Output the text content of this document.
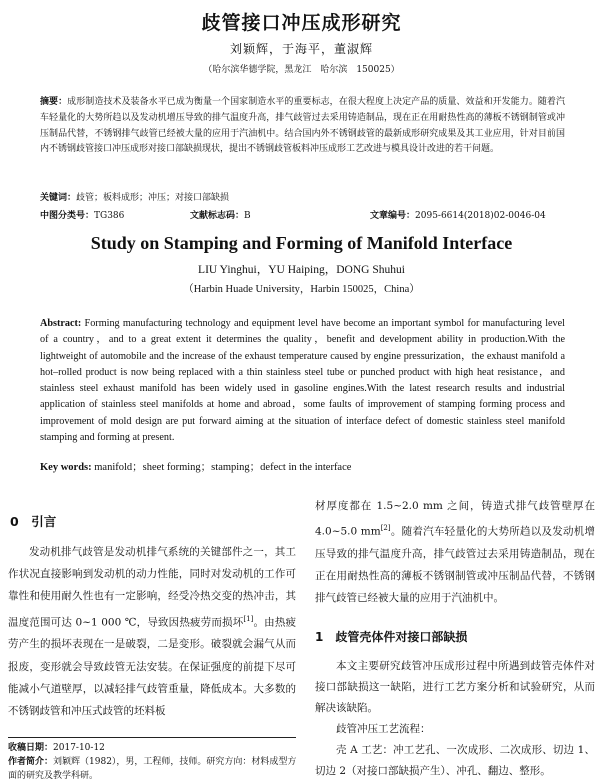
歧管接口冲压成形研究
刘颖辉，于海平，董淑辉
（哈尔滨华德学院，黑龙江　哈尔滨　150025）
摘要：成形制造技术及装备水平已成为衡量一个国家制造水平的重要标志，在很大程度上决定产品的质量、效益和开发能力。随着汽车轻量化的大势所趋以及发动机增压导致的排气温度升高，排气歧管过去采用铸造制品，现在正在用耐热性高的薄板不锈钢制管或冲压制品代替，不锈钢排气歧管已经被大量的应用于汽油机中。结合国内外不锈钢歧管的最新成形研究成果及其工业应用，针对目前国内不锈钢歧管接口冲压成形对接口部缺损现状，提出不锈钢歧管板料冲压成形工艺改进与模具设计改进的若干问题。
关键词：歧管；板料成形；冲压；对接口部缺损
中图分类号：TG386	文献标志码：B	文章编号：2095-6614(2018)02-0046-04
Study on Stamping and Forming of Manifold Interface
LIU Yinghui，YU Haiping，DONG Shuhui
（Harbin Huade University，Harbin 150025，China）
Abstract: Forming manufacturing technology and equipment level have become an important symbol for manufacturing level of a country，and to a great extent it determines the quality，benefit and development ability in production.With the lightweight of automobile and the increase of the exhaust temperature caused by engine pressurization，the exhaust manifold a hot–rolled product is now being replaced with a thin stainless steel tube or punched product with high heat resistance，and stainless steel exhaust manifold has been widely used in gasoline engines.With the latest research results and industrial application of stainless steel manifolds at home and abroad，some faults of improvement of stamping forming process and improvement of mold design are put forward aiming at the situation of interface defect of domestic stainless steel manifold stamping and forming at present.
Key words: manifold；sheet forming；stamping；defect in the interface
0　引言

发动机排气歧管是发动机排气系统的关键部件之一，其工作状况直接影响到发动机的动力性能，同时对发动机的工作可靠性和使用耐久性也有一定影响，经受冷热交变的热冲击，其温度范围可达 0~1 000 ℃，导致因热疲劳而损坏[1]。由热疲劳产生的损坏表现在一是破裂，二是变形。破裂就会漏气从而报废，变形就会导致歧管无法安装。在保证强度的前提下尽可能减小气道壁厚，以减轻排气歧管重量，降低成本。大多数的不锈钢歧管和冲压式歧管的坯料板

材厚度都在 1.5~2.0 mm 之间，铸造式排气歧管壁厚在 4.0~5.0 mm[2]。随着汽车轻量化的大势所趋以及发动机增压导致的排气温度升高，排气歧管过去采用铸造制品，现在正在用耐热性高的薄板不锈钢制管或冲压制品代替，不锈钢排气歧管已经被大量的应用于汽油机中。

1　歧管壳体件对接口部缺损

本文主要研究歧管冲压成形过程中所遇到歧管壳体件对接口部缺损这一缺陷，进行工艺方案分析和试验研究，从而解决该缺陷。

歧管冲压工艺流程：

壳 A 工艺：冲工艺孔、一次成形、二次成形、切边 1、切边 2（对接口部缺损产生）、冲孔、翻边、整形。

收稿日期：2017-10-12
作者简介：刘颖辉（1982），男，工程师，技师。研究方向：材料成型方面的研究及教学科研。
